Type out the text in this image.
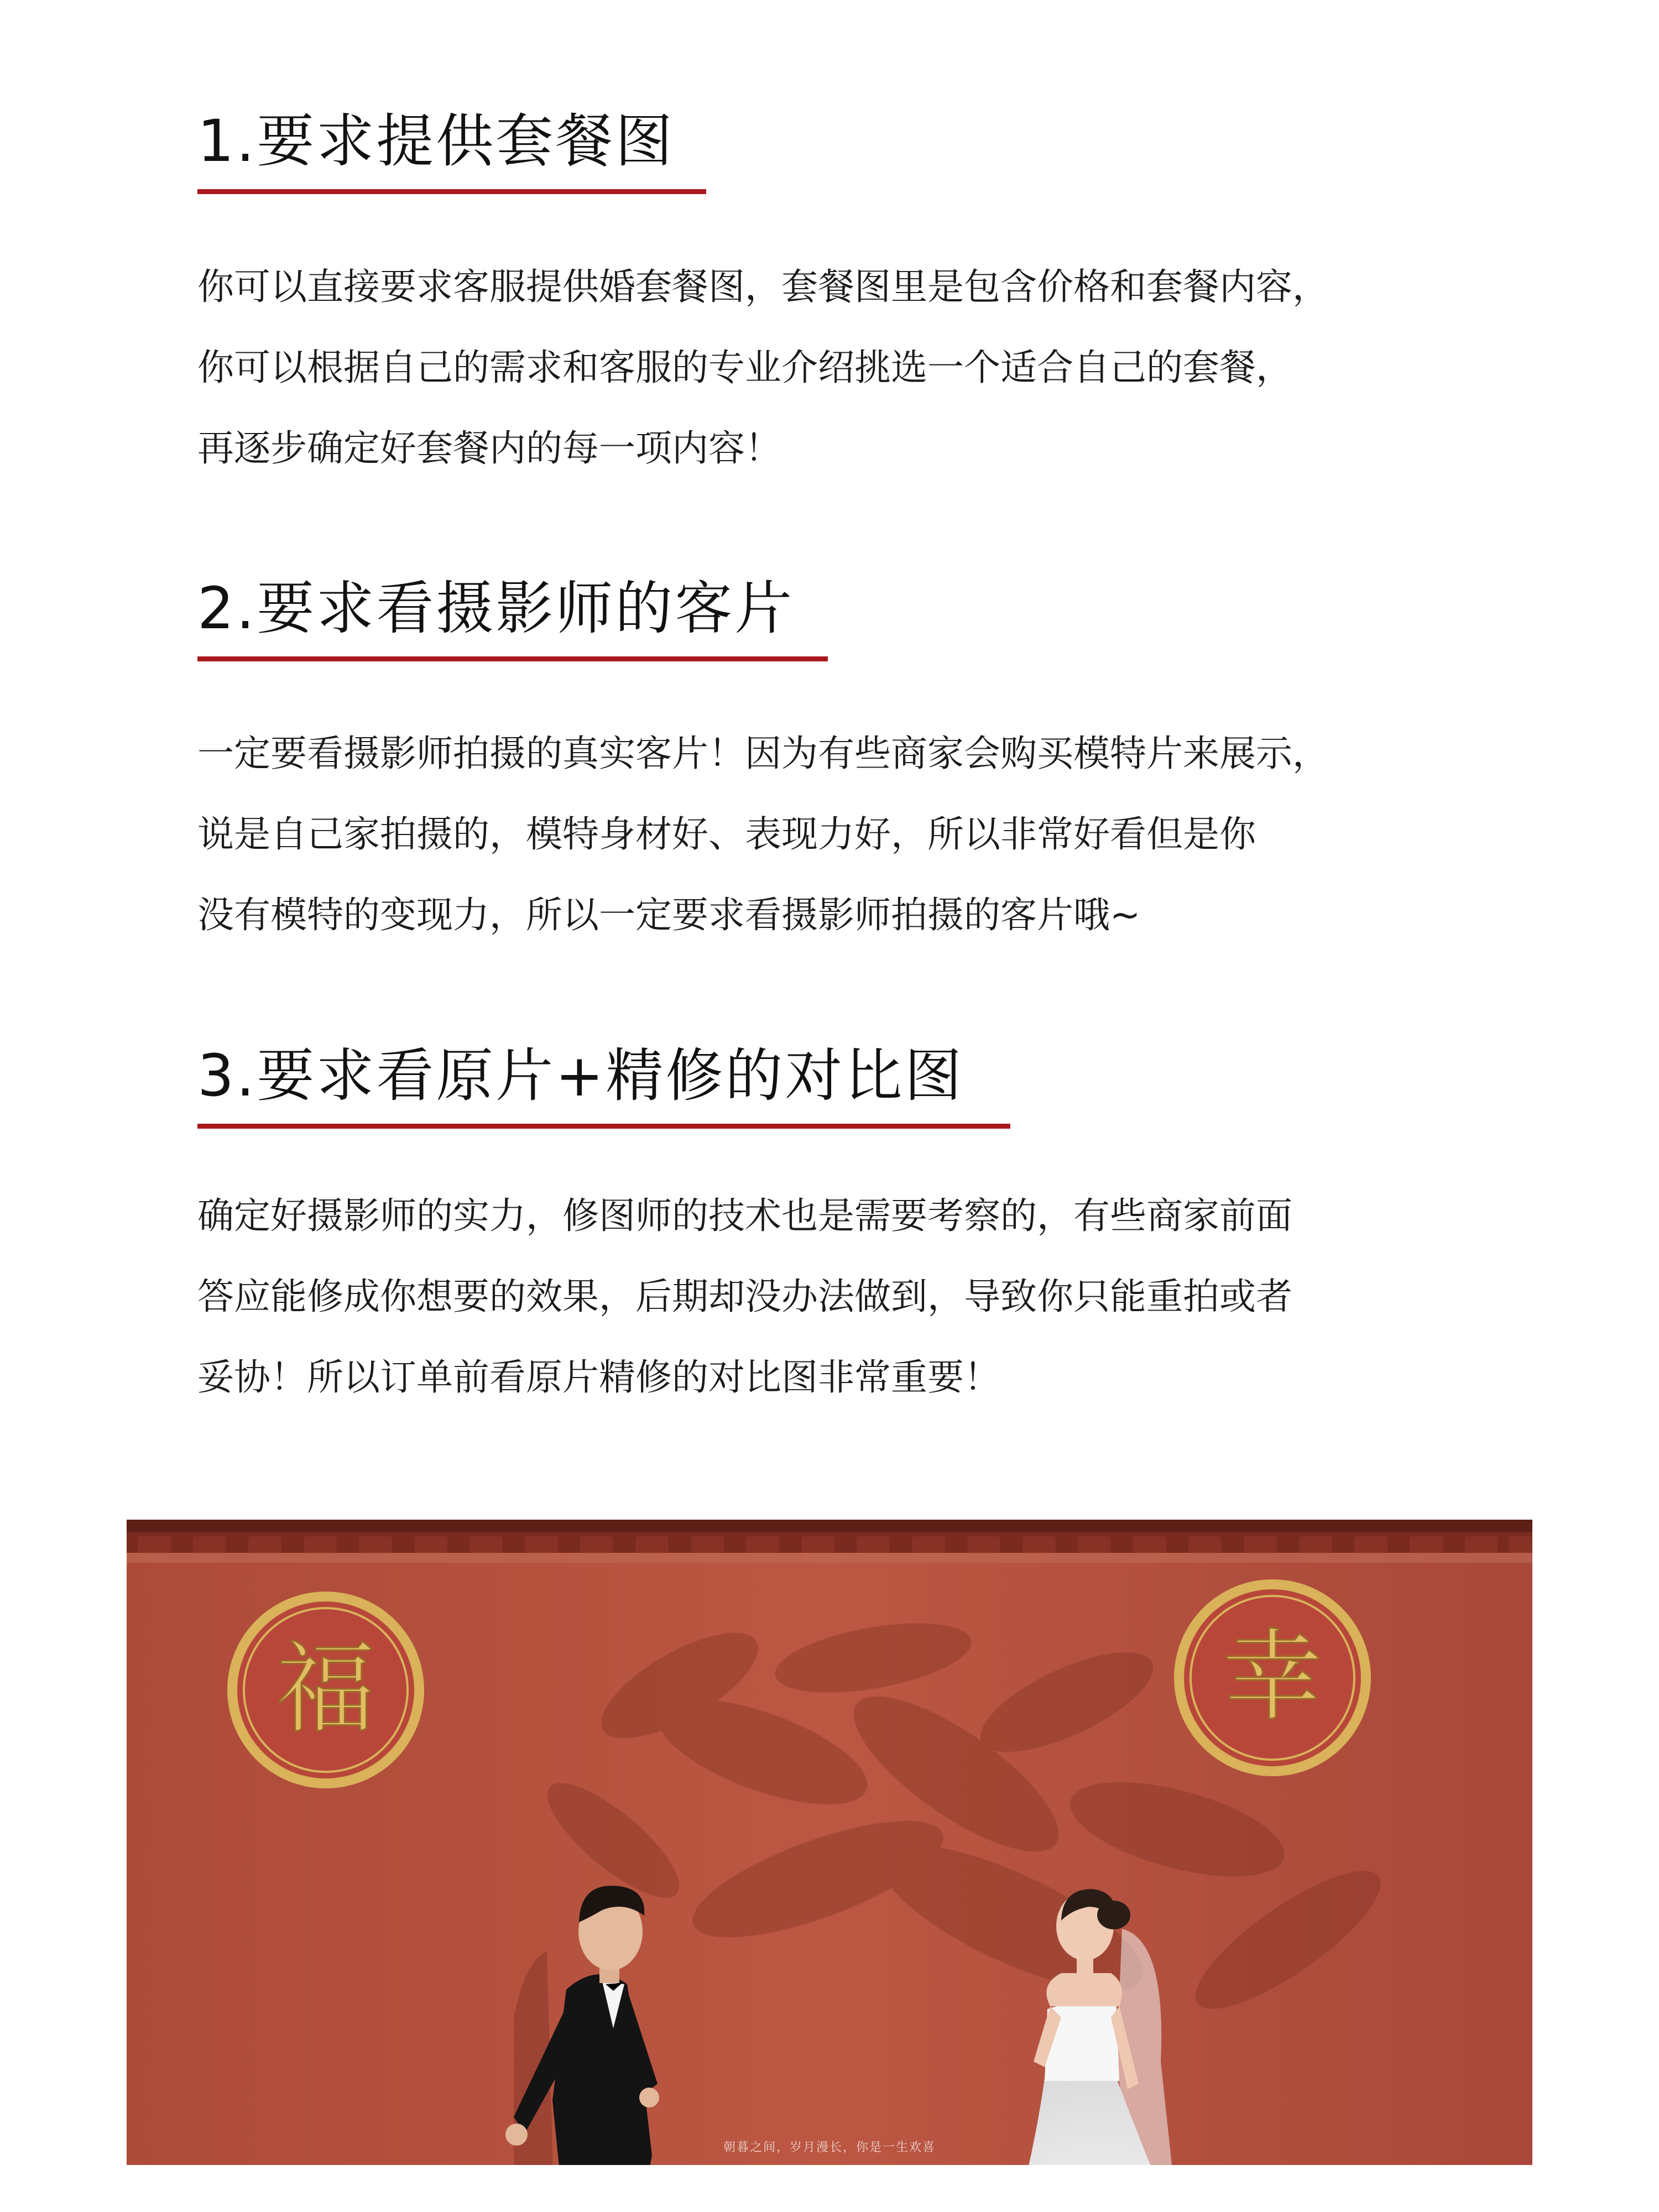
1.要求提供套餐图

你可以直接要求客服提供婚套餐图，套餐图里是包含价格和套餐内容，
你可以根据自己的需求和客服的专业介绍挑选一个适合自己的套餐，
再逐步确定好套餐内的每一项内容！

2.要求看摄影师的客片

一定要看摄影师拍摄的真实客片！因为有些商家会购买模特片来展示，
说是自己家拍摄的，模特身材好、表现力好，所以非常好看但是你
没有模特的变现力，所以一定要求看摄影师拍摄的客片哦~

3.要求看原片+精修的对比图

确定好摄影师的实力，修图师的技术也是需要考察的，有些商家前面
答应能修成你想要的效果，后期却没办法做到，导致你只能重拍或者
妥协！所以订单前看原片精修的对比图非常重要！

福	幸
朝暮之间，岁月漫长，你是一生欢喜
